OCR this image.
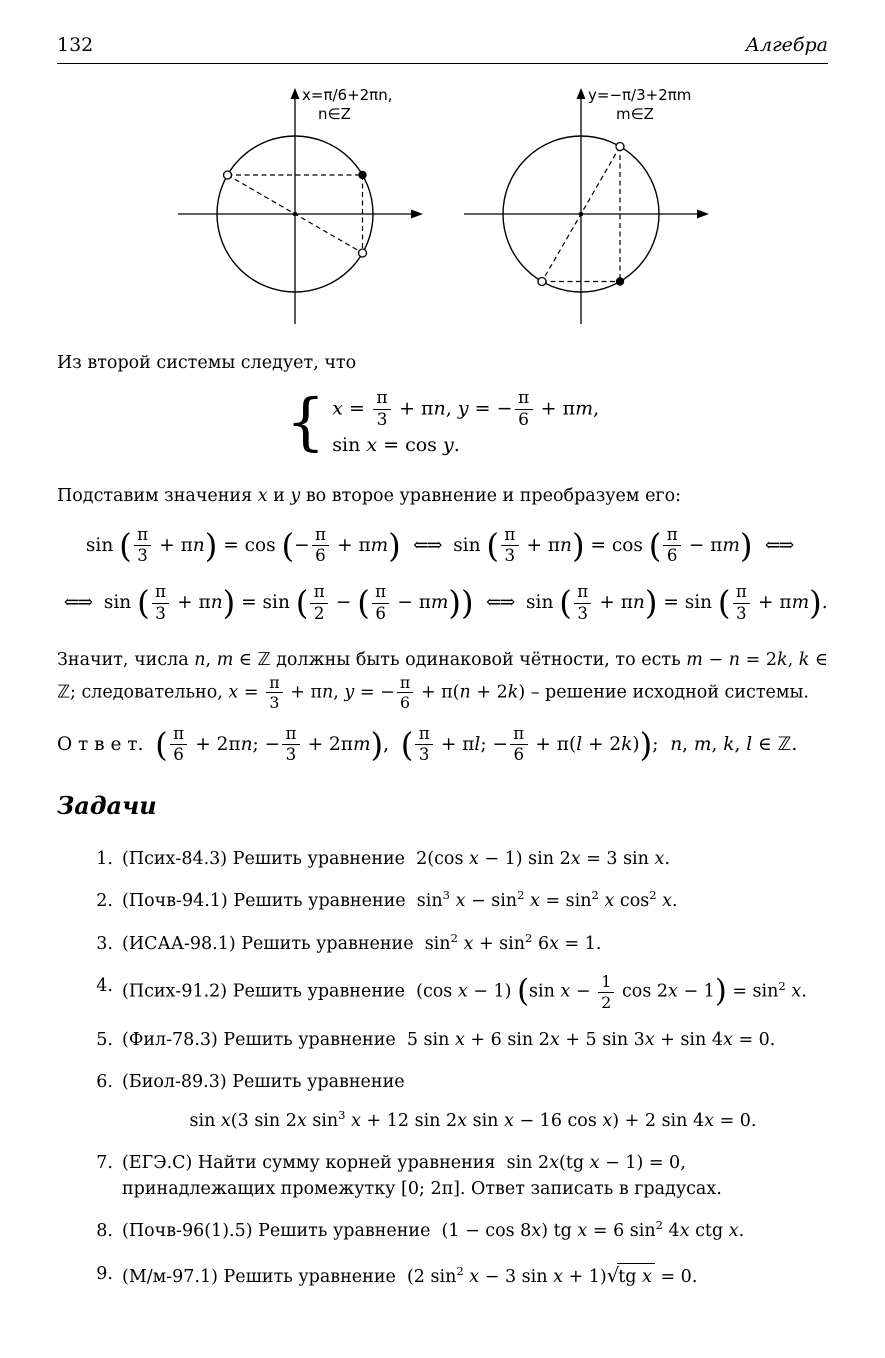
132	Алгебра
x=π/6+2πn,
n∈Z
y=−π/3+2πm
m∈Z

Из второй системы следует, что

{ $x = \frac{\pi}{3} + \pi n$, y = − $\frac{\pi}{6} + \pi m$,
sin x = cos y.

Подставим значения x и y во второе уравнение и преобразуем его:

sin ( $\frac{\pi}{3} + \pi n) = \cos$ (− $\frac{\pi}{6} + \pi m$) ⇐⇒ sin ( $\frac{\pi}{3} + \pi n) = \cos$ ( $\frac{\pi}{6} - \pi m$) ⇐⇒
⇐⇒ sin ( $\frac{\pi}{3} + \pi n) = \sin$ ( $\frac{\pi}{2}$ − ( $\frac{\pi}{6} - \pi m$)) ⇐⇒ sin ( $\frac{\pi}{3} + \pi n) = \sin$ ( $\frac{\pi}{3} + \pi m$).

Значит, числа n, m ∈ ℤ должны быть одинаковой чётности, то есть m − n = 2k, k ∈ ℤ; следовательно, $x = \frac{\pi}{3} + \pi n$, y = − $\frac{\pi}{6} + \pi(n + 2k)$ – решение исходной системы.

О т в е т.  ( $\frac{\pi}{6} + 2\pi n$; − $\frac{\pi}{3} + 2\pi m$),  ( $\frac{\pi}{3} + \pi l$; − $\frac{\pi}{6} + \pi(l + 2k)$);  n, m, k, l ∈ ℤ.
Задачи
1. (Псих-84.3) Решить уравнение  2(cos x − 1) sin 2x = 3 sin x.
2. (Почв-94.1) Решить уравнение  $\sin^3 x - \sin^2 x = \sin^2 x$ $\cos^2 x$.
3. (ИСАА-98.1) Решить уравнение  $\sin^2 x + \sin^2 6x = 1$.
4. (Псих-91.2) Решить уравнение  (cos x − 1) (sin $x - \frac{1}{2}$ $\cos 2x - 1) = \sin^2 x$.
5. (Фил-78.3) Решить уравнение  5 sin x + 6 sin 2x + 5 sin 3x + sin 4x = 0.
6. (Биол-89.3) Решить уравнение
sin x(3 sin 2x $\sin^3 x + 12$ sin 2x sin x − 16 cos x) + 2 sin 4x = 0.
7. (ЕГЭ.С) Найти сумму корней уравнения  sin 2x(tg x − 1) = 0, принадлежащих промежутку [0; 2π]. Ответ записать в градусах.
8. (Почв-96(1).5) Решить уравнение  (1 − cos 8x) tg x = 6 $\sin^2 4x$ ctg x.
9. (М/м-97.1) Решить уравнение  (2 $\sin^2 x - 3$ sin x + 1)√tg x = 0.
